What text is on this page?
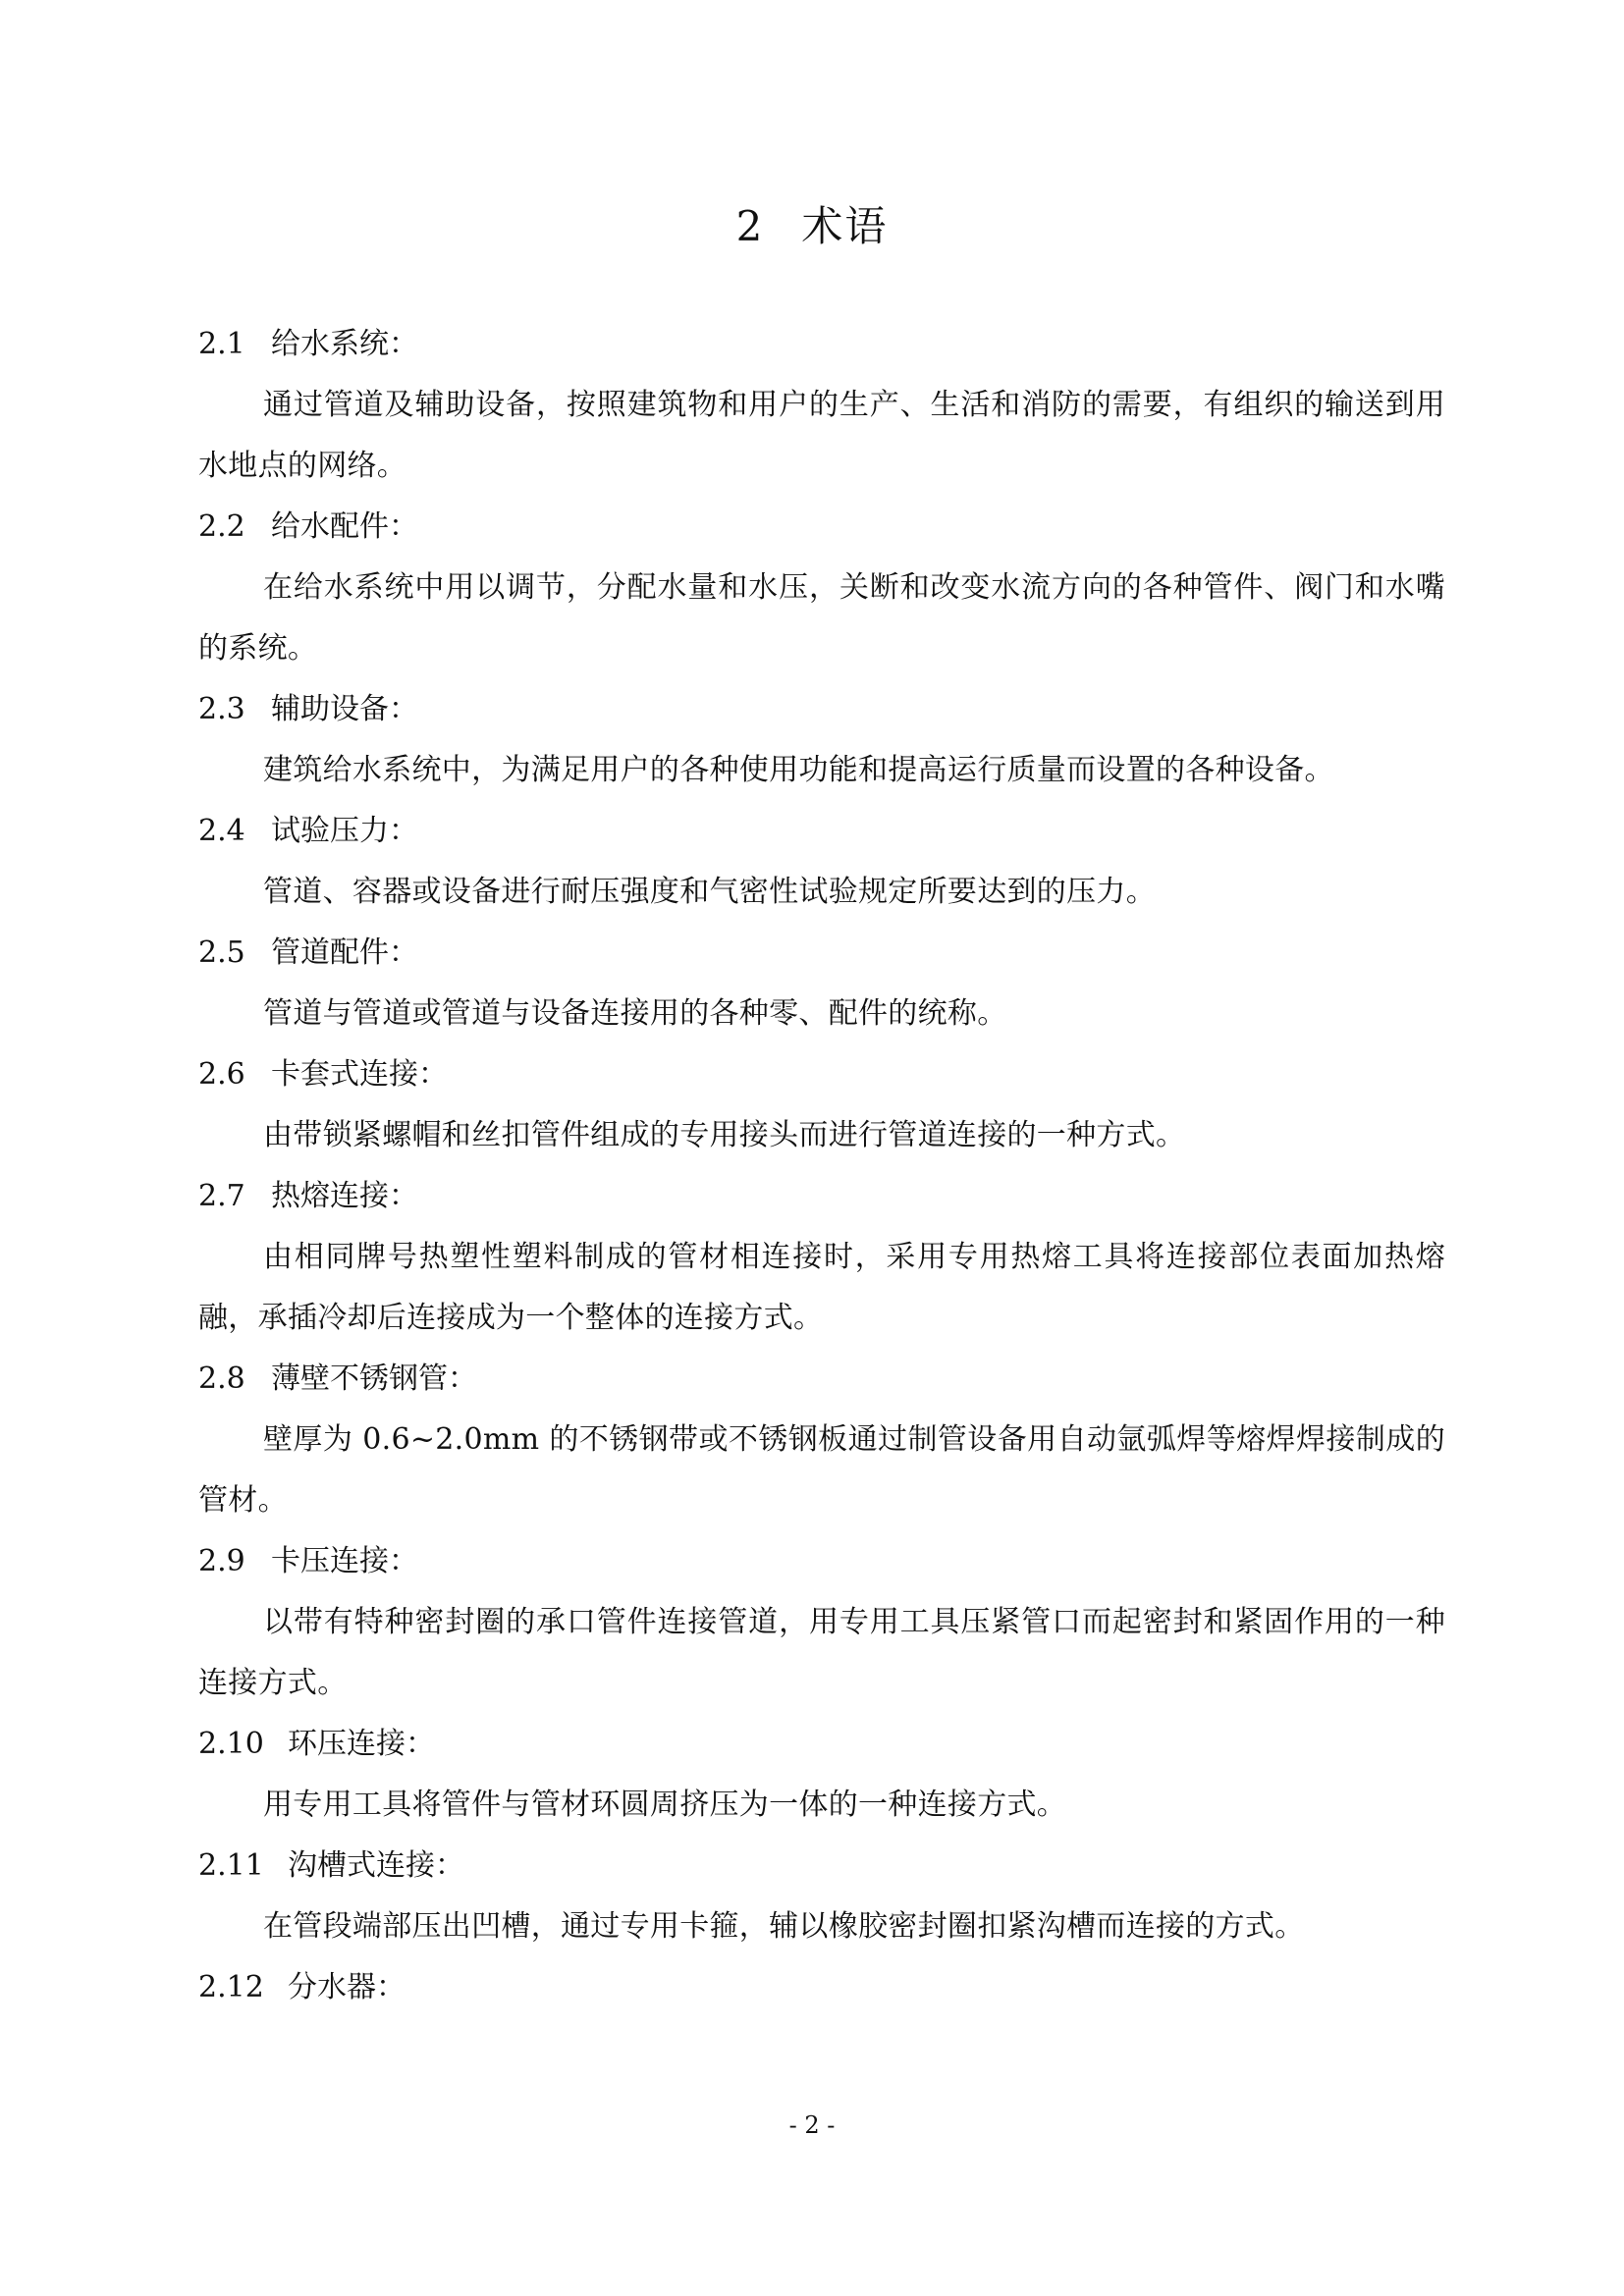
2 术语
2.1 给水系统：
通过管道及辅助设备，按照建筑物和用户的生产、生活和消防的需要，有组织的输送到用水地点的网络。
2.2 给水配件：
在给水系统中用以调节，分配水量和水压，关断和改变水流方向的各种管件、阀门和水嘴的系统。
2.3 辅助设备：
建筑给水系统中，为满足用户的各种使用功能和提高运行质量而设置的各种设备。
2.4 试验压力：
管道、容器或设备进行耐压强度和气密性试验规定所要达到的压力。
2.5 管道配件：
管道与管道或管道与设备连接用的各种零、配件的统称。
2.6 卡套式连接：
由带锁紧螺帽和丝扣管件组成的专用接头而进行管道连接的一种方式。
2.7 热熔连接：
由相同牌号热塑性塑料制成的管材相连接时，采用专用热熔工具将连接部位表面加热熔融，承插冷却后连接成为一个整体的连接方式。
2.8 薄壁不锈钢管：
壁厚为 0.6~2.0mm 的不锈钢带或不锈钢板通过制管设备用自动氩弧焊等熔焊焊接制成的管材。
2.9 卡压连接：
以带有特种密封圈的承口管件连接管道，用专用工具压紧管口而起密封和紧固作用的一种连接方式。
2.10 环压连接：
用专用工具将管件与管材环圆周挤压为一体的一种连接方式。
2.11 沟槽式连接：
在管段端部压出凹槽，通过专用卡箍，辅以橡胶密封圈扣紧沟槽而连接的方式。
2.12 分水器：
- 2 -
